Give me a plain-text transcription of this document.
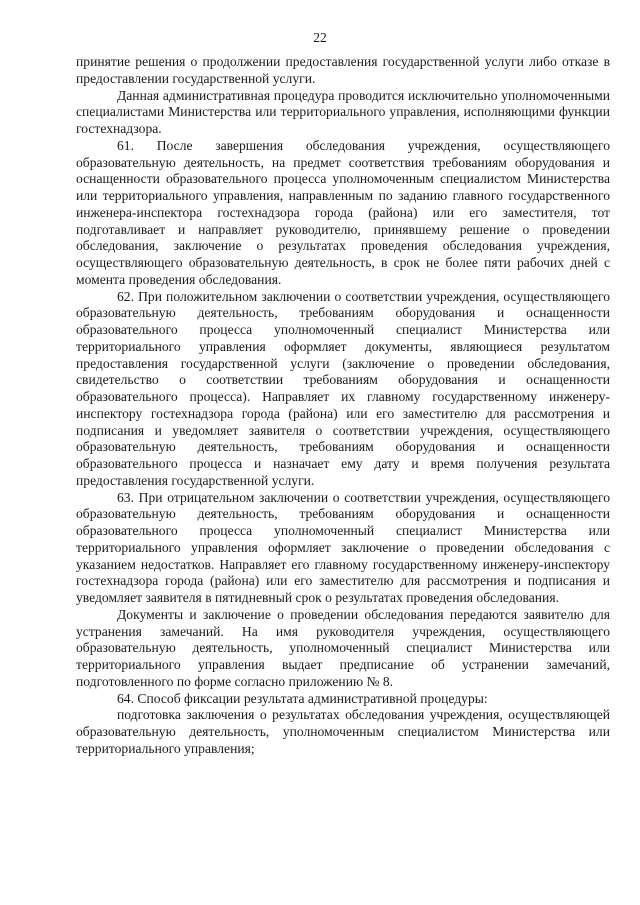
22

принятие решения о продолжении предоставления государственной услуги либо отказе в предоставлении государственной услуги.

Данная административная процедура проводится исключительно уполномоченными специалистами Министерства или территориального управления, исполняющими функции гостехнадзора.

61. После завершения обследования учреждения, осуществляющего образовательную деятельность, на предмет соответствия требованиям оборудования и оснащенности образовательного процесса уполномоченным специалистом Министерства или территориального управления, направленным по заданию главного государственного инженера-инспектора гостехнадзора города (района) или его заместителя, тот подготавливает и направляет руководителю, принявшему решение о проведении обследования, заключение о результатах проведения обследования учреждения, осуществляющего образовательную деятельность, в срок не более пяти рабочих дней с момента проведения обследования.

62. При положительном заключении о соответствии учреждения, осуществляющего образовательную деятельность, требованиям оборудования и оснащенности образовательного процесса уполномоченный специалист Министерства или территориального управления оформляет документы, являющиеся результатом предоставления государственной услуги (заключение о проведении обследования, свидетельство о соответствии требованиям оборудования и оснащенности образовательного процесса). Направляет их главному государственному инженеру-инспектору гостехнадзора города (района) или его заместителю для рассмотрения и подписания и уведомляет заявителя о соответствии учреждения, осуществляющего образовательную деятельность, требованиям оборудования и оснащенности образовательного процесса и назначает ему дату и время получения результата предоставления государственной услуги.

63. При отрицательном заключении о соответствии учреждения, осуществляющего образовательную деятельность, требованиям оборудования и оснащенности образовательного процесса уполномоченный специалист Министерства или территориального управления оформляет заключение о проведении обследования с указанием недостатков. Направляет его главному государственному инженеру-инспектору гостехнадзора города (района) или его заместителю для рассмотрения и подписания и уведомляет заявителя в пятидневный срок о результатах проведения обследования.

Документы и заключение о проведении обследования передаются заявителю для устранения замечаний. На имя руководителя учреждения, осуществляющего образовательную деятельность, уполномоченный специалист Министерства или территориального управления выдает предписание об устранении замечаний, подготовленного по форме согласно приложению № 8.

64. Способ фиксации результата административной процедуры:

подготовка заключения о результатах обследования учреждения, осуществляющей образовательную деятельность, уполномоченным специалистом Министерства или территориального управления;
